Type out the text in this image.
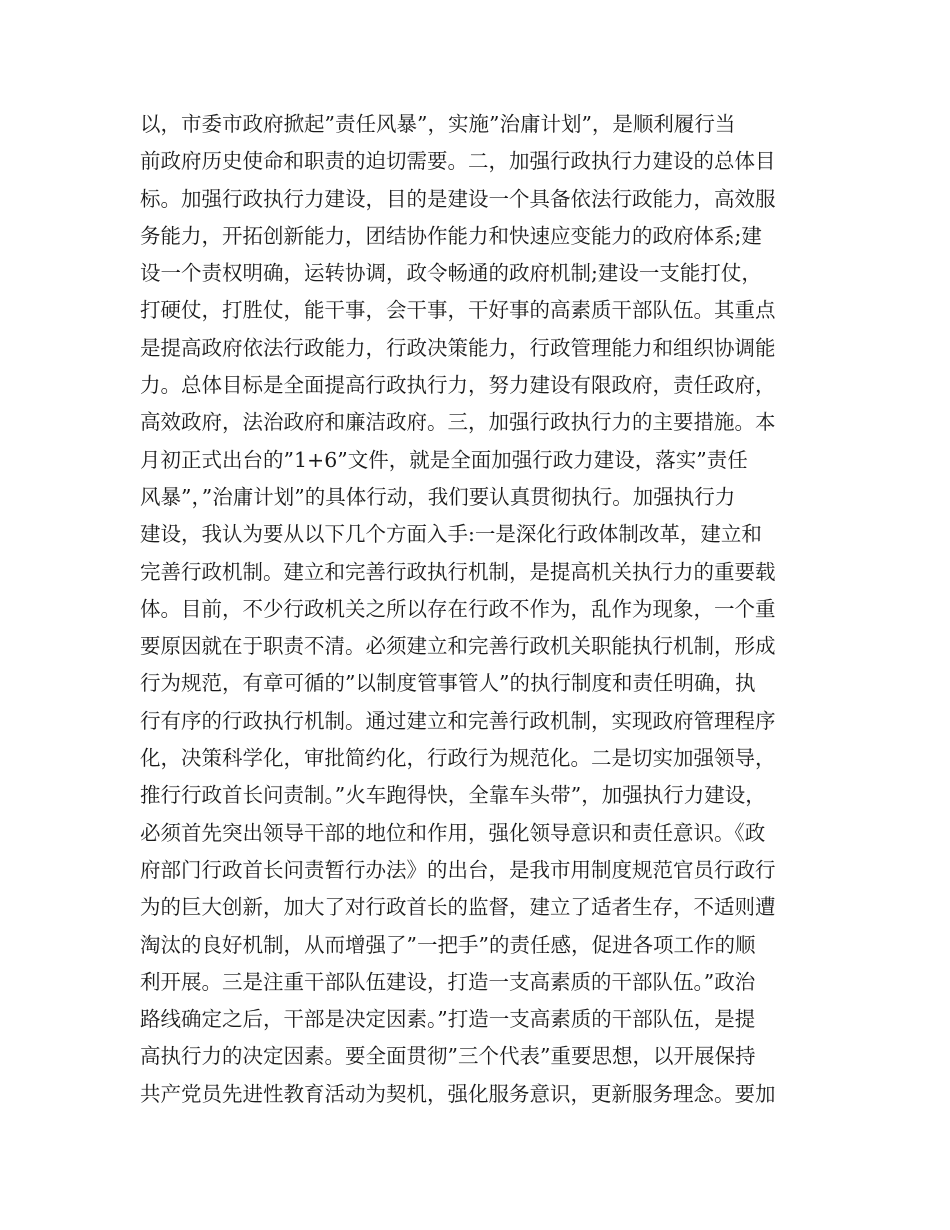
以，市委市政府掀起”责任风暴”，实施”治庸计划”，是顺利履行当
前政府历史使命和职责的迫切需要。二，加强行政执行力建设的总体目
标。加强行政执行力建设，目的是建设一个具备依法行政能力，高效服
务能力，开拓创新能力，团结协作能力和快速应变能力的政府体系;建
设一个责权明确，运转协调，政令畅通的政府机制;建设一支能打仗，
打硬仗，打胜仗，能干事，会干事，干好事的高素质干部队伍。其重点
是提高政府依法行政能力，行政决策能力，行政管理能力和组织协调能
力。总体目标是全面提高行政执行力，努力建设有限政府，责任政府，
高效政府，法治政府和廉洁政府。三，加强行政执行力的主要措施。本
月初正式出台的”1+6”文件，就是全面加强行政力建设，落实”责任
风暴”，”治庸计划”的具体行动，我们要认真贯彻执行。加强执行力
建设，我认为要从以下几个方面入手:一是深化行政体制改革，建立和
完善行政机制。建立和完善行政执行机制，是提高机关执行力的重要载
体。目前，不少行政机关之所以存在行政不作为，乱作为现象，一个重
要原因就在于职责不清。必须建立和完善行政机关职能执行机制，形成
行为规范，有章可循的”以制度管事管人”的执行制度和责任明确，执
行有序的行政执行机制。通过建立和完善行政机制，实现政府管理程序
化，决策科学化，审批简约化，行政行为规范化。二是切实加强领导，
推行行政首长问责制。”火车跑得快，全靠车头带”，加强执行力建设，
必须首先突出领导干部的地位和作用，强化领导意识和责任意识。《政
府部门行政首长问责暂行办法》的出台，是我市用制度规范官员行政行
为的巨大创新，加大了对行政首长的监督，建立了适者生存，不适则遭
淘汰的良好机制，从而增强了”一把手”的责任感，促进各项工作的顺
利开展。三是注重干部队伍建设，打造一支高素质的干部队伍。”政治
路线确定之后，干部是决定因素。”打造一支高素质的干部队伍，是提
高执行力的决定因素。要全面贯彻”三个代表”重要思想，以开展保持
共产党员先进性教育活动为契机，强化服务意识，更新服务理念。要加
